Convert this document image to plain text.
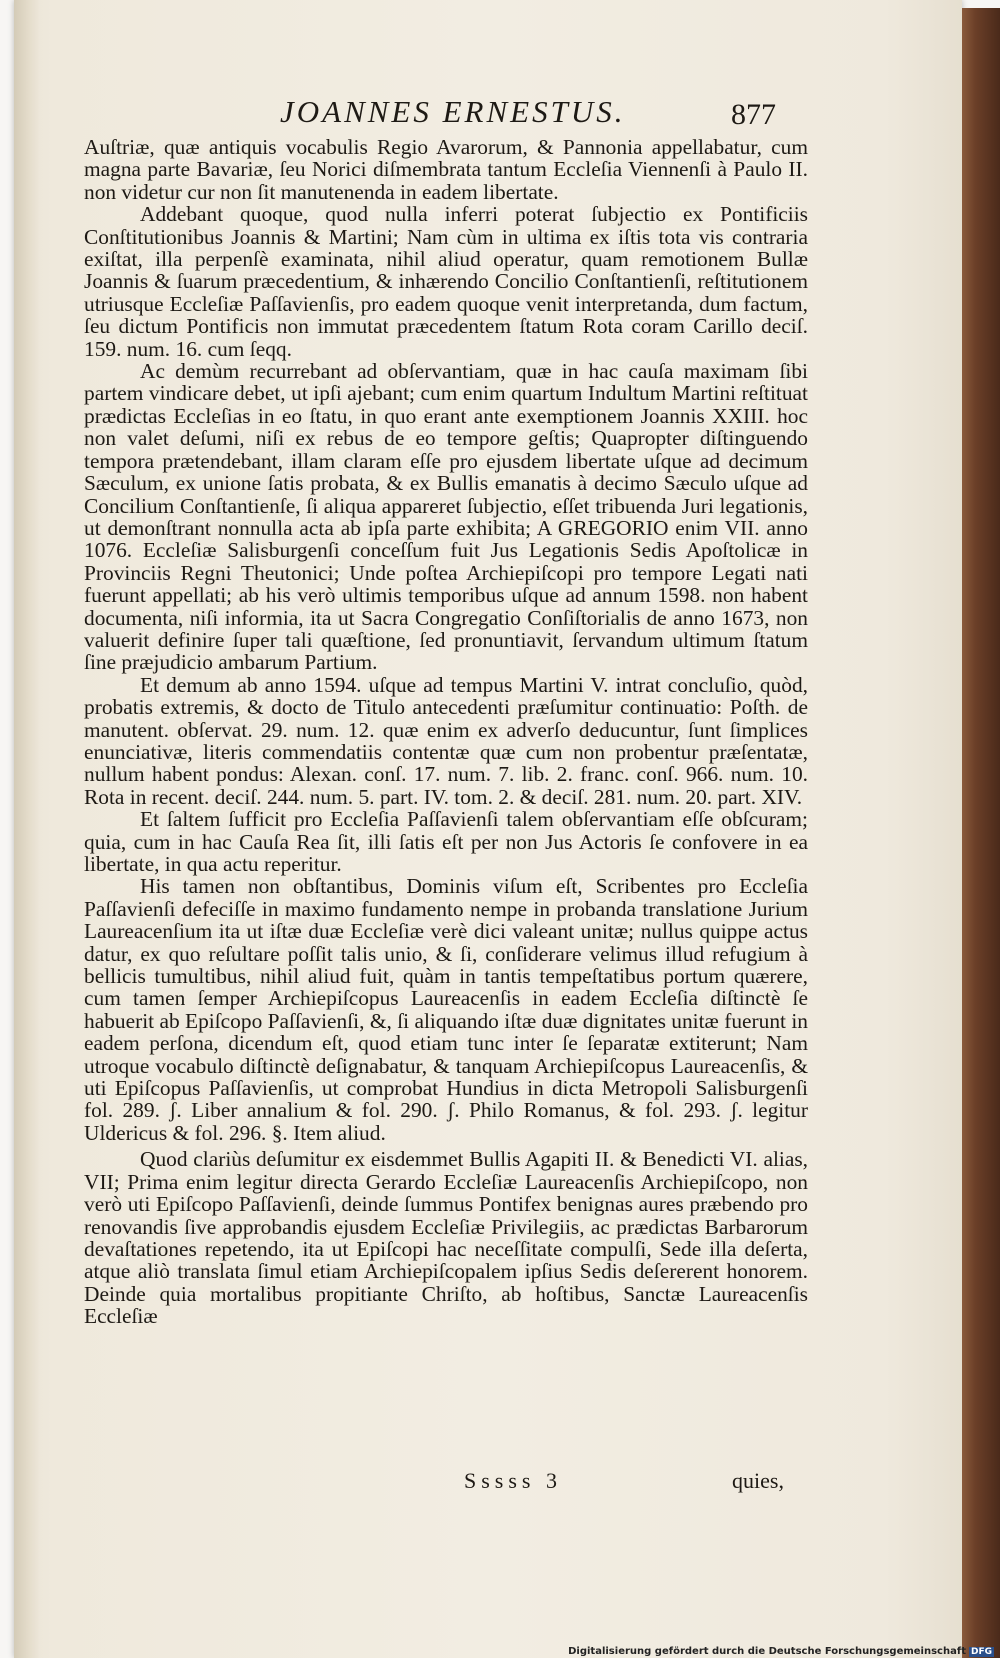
JOANNES ERNESTUS.	877

Auſtriæ, quæ antiquis vocabulis Regio Avarorum, & Pannonia appellabatur, cum magna parte Bavariæ, ſeu Norici diſmembrata tantum Eccleſia Viennenſi à Paulo II. non videtur cur non ſit manutenenda in eadem libertate.

Addebant quoque, quod nulla inferri poterat ſubjectio ex Pontificiis Conſtitutionibus Joannis & Martini; Nam cùm in ultima ex iſtis tota vis contraria exiſtat, illa perpenſè examinata, nihil aliud operatur, quam remotionem Bullæ Joannis & ſuarum præcedentium, & inhærendo Concilio Conſtantienſi, reſtitutionem utriusque Eccleſiæ Paſſavienſis, pro eadem quoque venit interpretanda, dum factum, ſeu dictum Pontificis non immutat præcedentem ſtatum Rota coram Carillo deciſ. 159. num. 16. cum ſeqq.

Ac demùm recurrebant ad obſervantiam, quæ in hac cauſa maximam ſibi partem vindicare debet, ut ipſi ajebant; cum enim quartum Indultum Martini reſtituat prædictas Eccleſias in eo ſtatu, in quo erant ante exemptionem Joannis XXIII. hoc non valet deſumi, niſi ex rebus de eo tempore geſtis; Quapropter diſtinguendo tempora prætendebant, illam claram eſſe pro ejusdem libertate uſque ad decimum Sæculum, ex unione ſatis probata, & ex Bullis emanatis à decimo Sæculo uſque ad Concilium Conſtantienſe, ſi aliqua appareret ſubjectio, eſſet tribuenda Juri legationis, ut demonſtrant nonnulla acta ab ipſa parte exhibita; A GREGORIO enim VII. anno 1076. Eccleſiæ Salisburgenſi conceſſum fuit Jus Legationis Sedis Apoſtolicæ in Provinciis Regni Theutonici; Unde poſtea Archiepiſcopi pro tempore Legati nati fuerunt appellati; ab his verò ultimis temporibus uſque ad annum 1598. non habent documenta, niſi informia, ita ut Sacra Congregatio Conſiſtorialis de anno 1673, non valuerit definire ſuper tali quæſtione, ſed pronuntiavit, ſervandum ultimum ſtatum ſine præjudicio ambarum Partium.

Et demum ab anno 1594. uſque ad tempus Martini V. intrat concluſio, quòd, probatis extremis, & docto de Titulo antecedenti præſumitur continuatio: Poſth. de manutent. obſervat. 29. num. 12. quæ enim ex adverſo deducuntur, ſunt ſimplices enunciativæ, literis commendatiis contentæ quæ cum non probentur præſentatæ, nullum habent pondus: Alexan. conſ. 17. num. 7. lib. 2. franc. conſ. 966. num. 10. Rota in recent. deciſ. 244. num. 5. part. IV. tom. 2. & deciſ. 281. num. 20. part. XIV.

Et ſaltem ſufficit pro Eccleſia Paſſavienſi talem obſervantiam eſſe obſcuram; quia, cum in hac Cauſa Rea ſit, illi ſatis eſt per non Jus Actoris ſe confovere in ea libertate, in qua actu reperitur.

His tamen non obſtantibus, Dominis viſum eſt, Scribentes pro Eccleſia Paſſavienſi defeciſſe in maximo fundamento nempe in probanda translatione Jurium Laureacenſium ita ut iſtæ duæ Eccleſiæ verè dici valeant unitæ; nullus quippe actus datur, ex quo reſultare poſſit talis unio, & ſi, conſiderare velimus illud refugium à bellicis tumultibus, nihil aliud fuit, quàm in tantis tempeſtatibus portum quærere, cum tamen ſemper Archiepiſcopus Laureacenſis in eadem Eccleſia diſtinctè ſe habuerit ab Epiſcopo Paſſavienſi, &, ſi aliquando iſtæ duæ dignitates unitæ fuerunt in eadem perſona, dicendum eſt, quod etiam tunc inter ſe ſeparatæ extiterunt; Nam utroque vocabulo diſtinctè deſignabatur, & tanquam Archiepiſcopus Laureacenſis, & uti Epiſcopus Paſſavienſis, ut comprobat Hundius in dicta Metropoli Salisburgenſi fol. 289. ʃ. Liber annalium & fol. 290. ʃ. Philo Romanus, & fol. 293. ʃ. legitur Uldericus & fol. 296. §. Item aliud.

Quod clariùs deſumitur ex eisdemmet Bullis Agapiti II. & Benedicti VI. alias, VII; Prima enim legitur directa Gerardo Eccleſiæ Laureacenſis Archiepiſcopo, non verò uti Epiſcopo Paſſavienſi, deinde ſummus Pontifex benignas aures præbendo pro renovandis ſive approbandis ejusdem Eccleſiæ Privilegiis, ac prædictas Barbarorum devaſtationes repetendo, ita ut Epiſcopi hac neceſſitate compulſi, Sede illa deſerta, atque aliò translata ſimul etiam Archiepiſcopalem ipſius Sedis deſererent honorem. Deinde quia mortalibus propitiante Chriſto, ab hoſtibus, Sanctæ Laureacenſis Eccleſiæ

Sssss 3	quies,
Digitalisierung gefördert durch die Deutsche Forschungsgemeinschaft DFG
